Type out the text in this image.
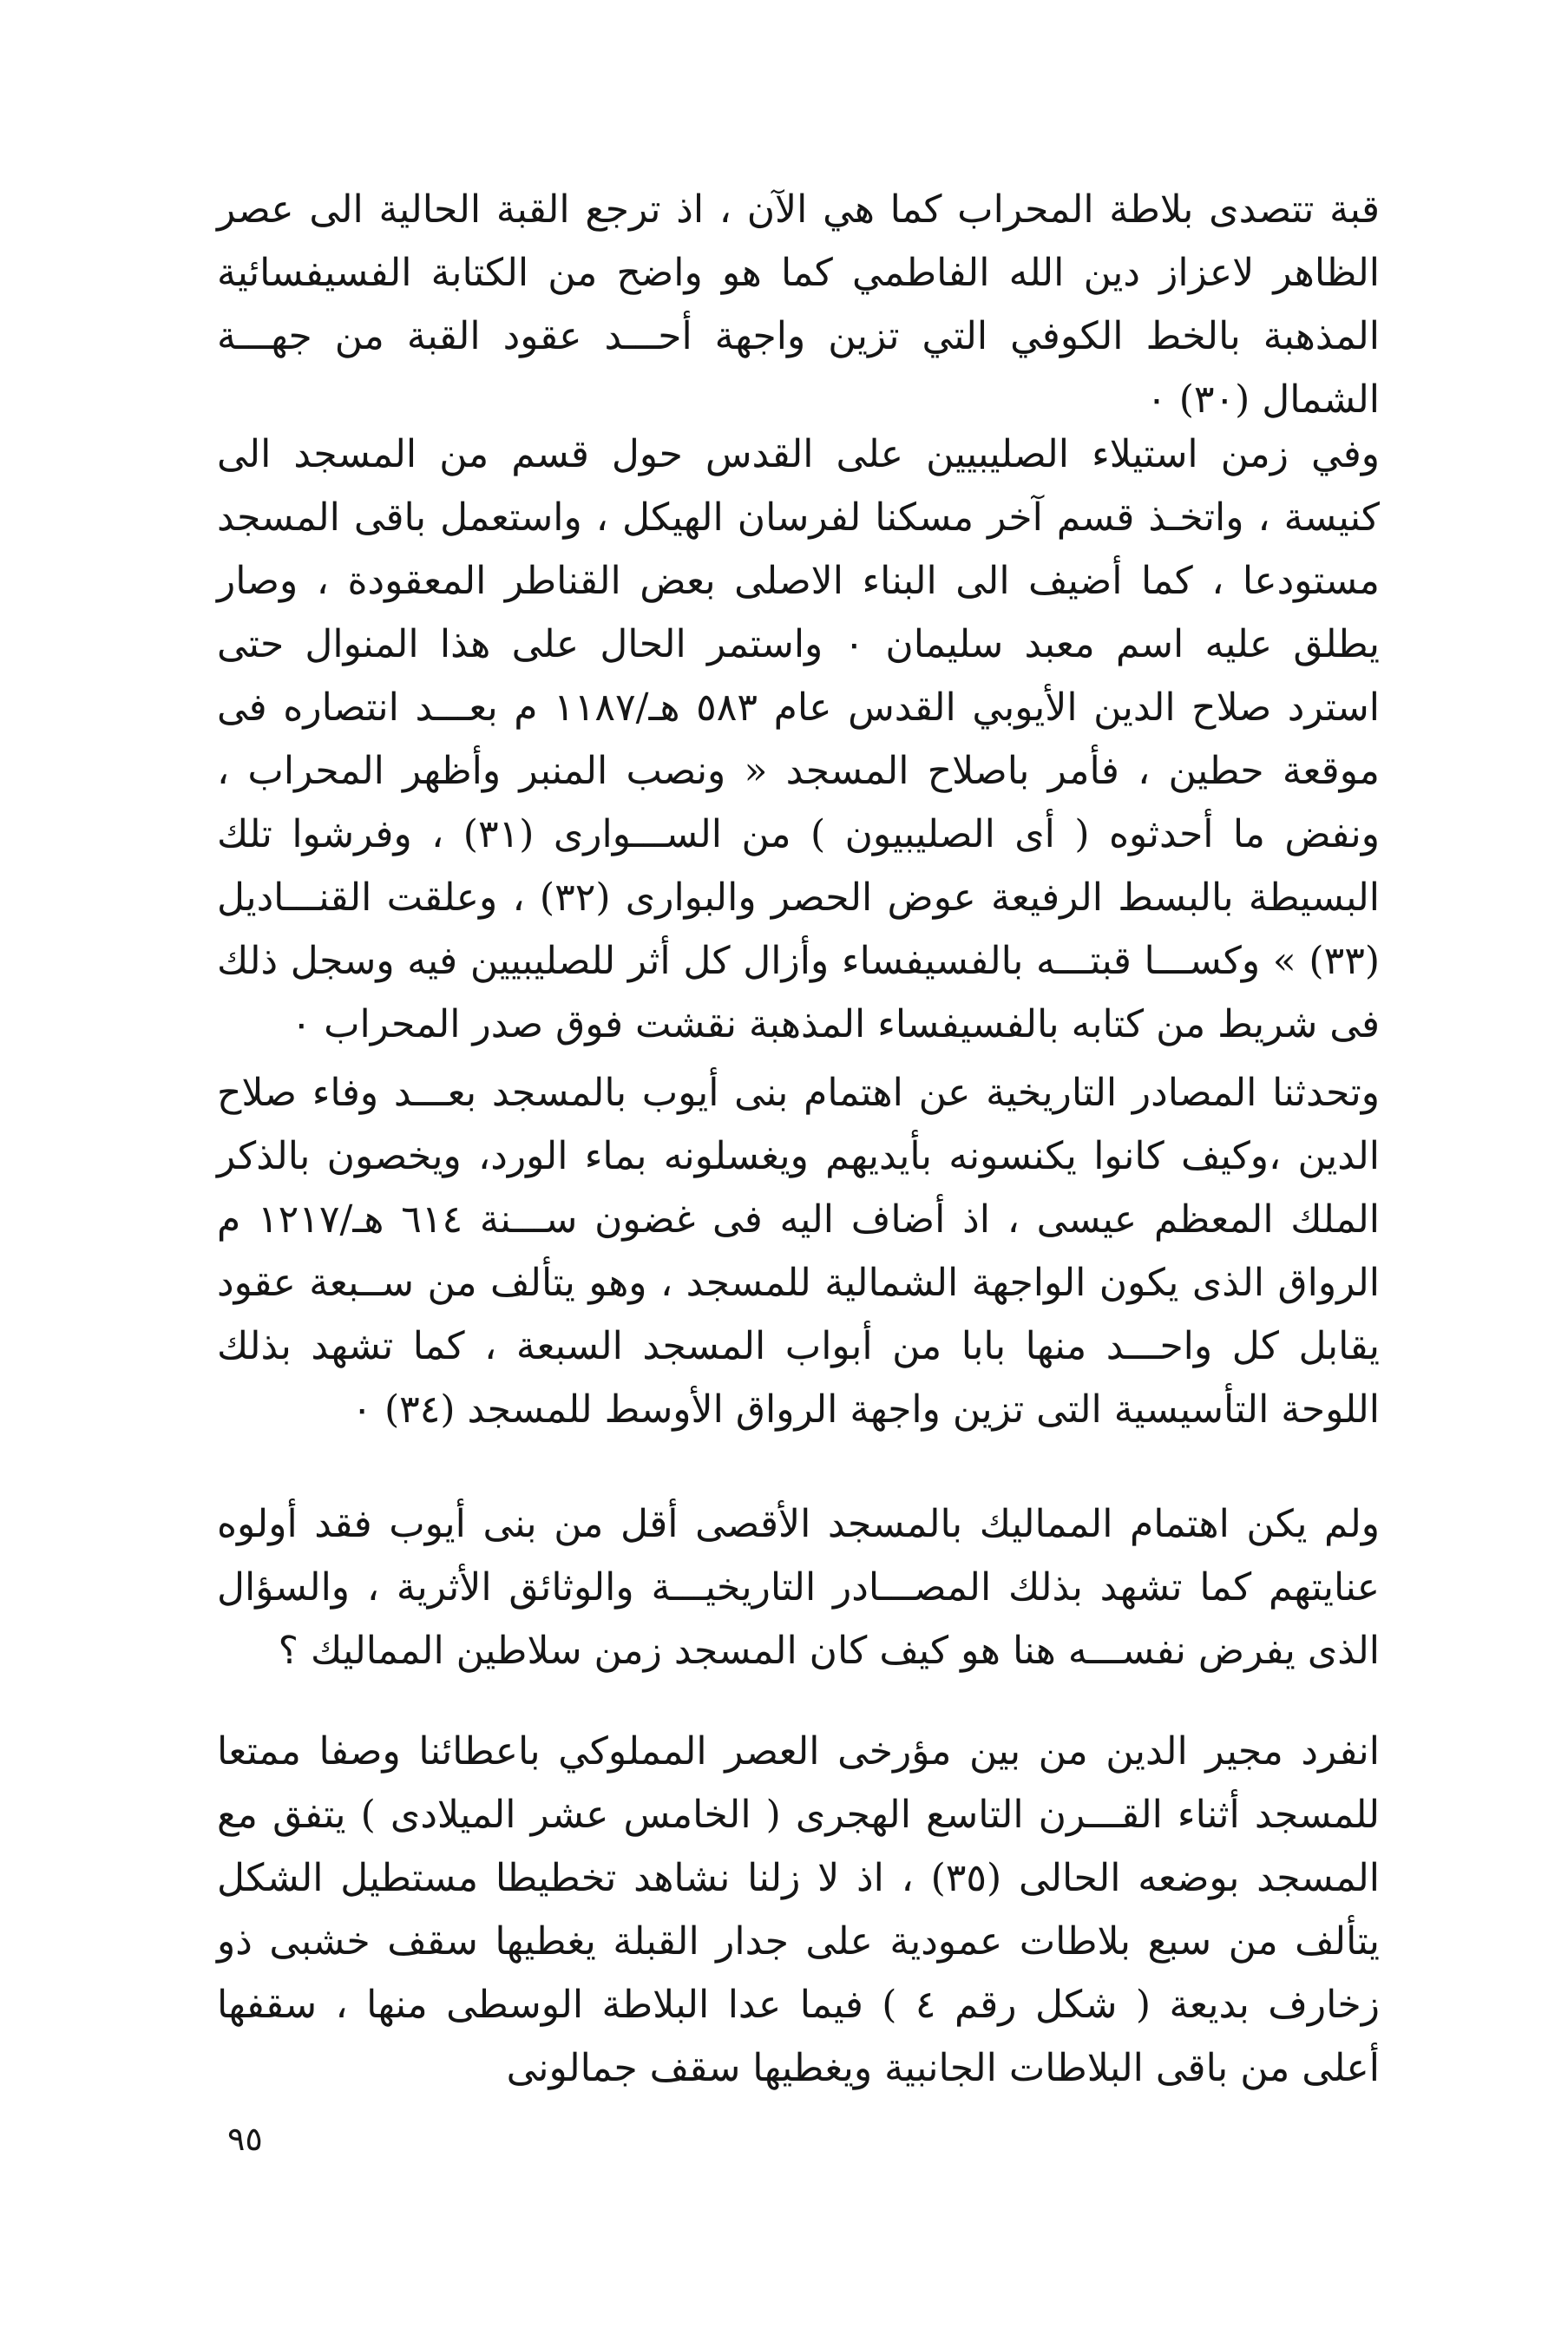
قبة تتصدى بلاطة المحراب كما هي الآن ، اذ ترجع القبة الحالية الى عصر الظاهر لاعزاز دين الله الفاطمي كما هو واضح من الكتابة الفسيفسائية المذهبة بالخط الكوفي التي تزين واجهة أحـــد عقود القبة من جهـــة الشمال (٣٠) ٠

وفي زمن استيلاء الصليبيين على القدس حول قسم من المسجد الى كنيسة ، واتخـذ قسم آخر مسكنا لفرسان الهيكل ، واستعمل باقى المسجد مستودعا ، كما أضيف الى البناء الاصلى بعض القناطر المعقودة ، وصار يطلق عليه اسم معبد سليمان ٠ واستمر الحال على هذا المنوال حتى استرد صلاح الدين الأيوبي القدس عام ٥٨٣ هـ/١١٨٧ م بعـــد انتصاره فى موقعة حطين ، فأمر باصلاح المسجد « ونصب المنبر وأظهر المحراب ، ونفض ما أحدثوه ( أى الصليبيون ) من الســـوارى (٣١) ، وفرشوا تلك البسيطة بالبسط الرفيعة عوض الحصر والبوارى (٣٢) ، وعلقت القنـــاديل (٣٣) » وكســـا قبتـــه بالفسيفساء وأزال كل أثر للصليبيين فيه وسجل ذلك فى شريط من كتابه بالفسيفساء المذهبة نقشت فوق صدر المحراب ٠

وتحدثنا المصادر التاريخية عن اهتمام بنى أيوب بالمسجد بعـــد وفاء صلاح الدين ،وكيف كانوا يكنسونه بأيديهم ويغسلونه بماء الورد، ويخصون بالذكر الملك المعظم عيسى ، اذ أضاف اليه فى غضون ســـنة ٦١٤ هـ/١٢١٧ م الرواق الذى يكون الواجهة الشمالية للمسجد ، وهو يتألف من ســبعة عقود يقابل كل واحـــد منها بابا من أبواب المسجد السبعة ، كما تشهد بذلك اللوحة التأسيسية التى تزين واجهة الرواق الأوسط للمسجد (٣٤) ٠

ولم يكن اهتمام المماليك بالمسجد الأقصى أقل من بنى أيوب فقد أولوه عنايتهم كما تشهد بذلك المصـــادر التاريخيـــة والوثائق الأثرية ، والسؤال الذى يفرض نفســـه هنا هو كيف كان المسجد زمن سلاطين المماليك ؟

انفرد مجير الدين من بين مؤرخى العصر المملوكي باعطائنا وصفا ممتعا للمسجد أثناء القـــرن التاسع الهجرى ( الخامس عشر الميلادى ) يتفق مع المسجد بوضعه الحالى (٣٥) ، اذ لا زلنا نشاهد تخطيطا مستطيل الشكل يتألف من سبع بلاطات عمودية على جدار القبلة يغطيها سقف خشبى ذو زخارف بديعة ( شكل رقم ٤ ) فيما عدا البلاطة الوسطى منها ، سقفها أعلى من باقى البلاطات الجانبية ويغطيها سقف جمالونى

٩٥
